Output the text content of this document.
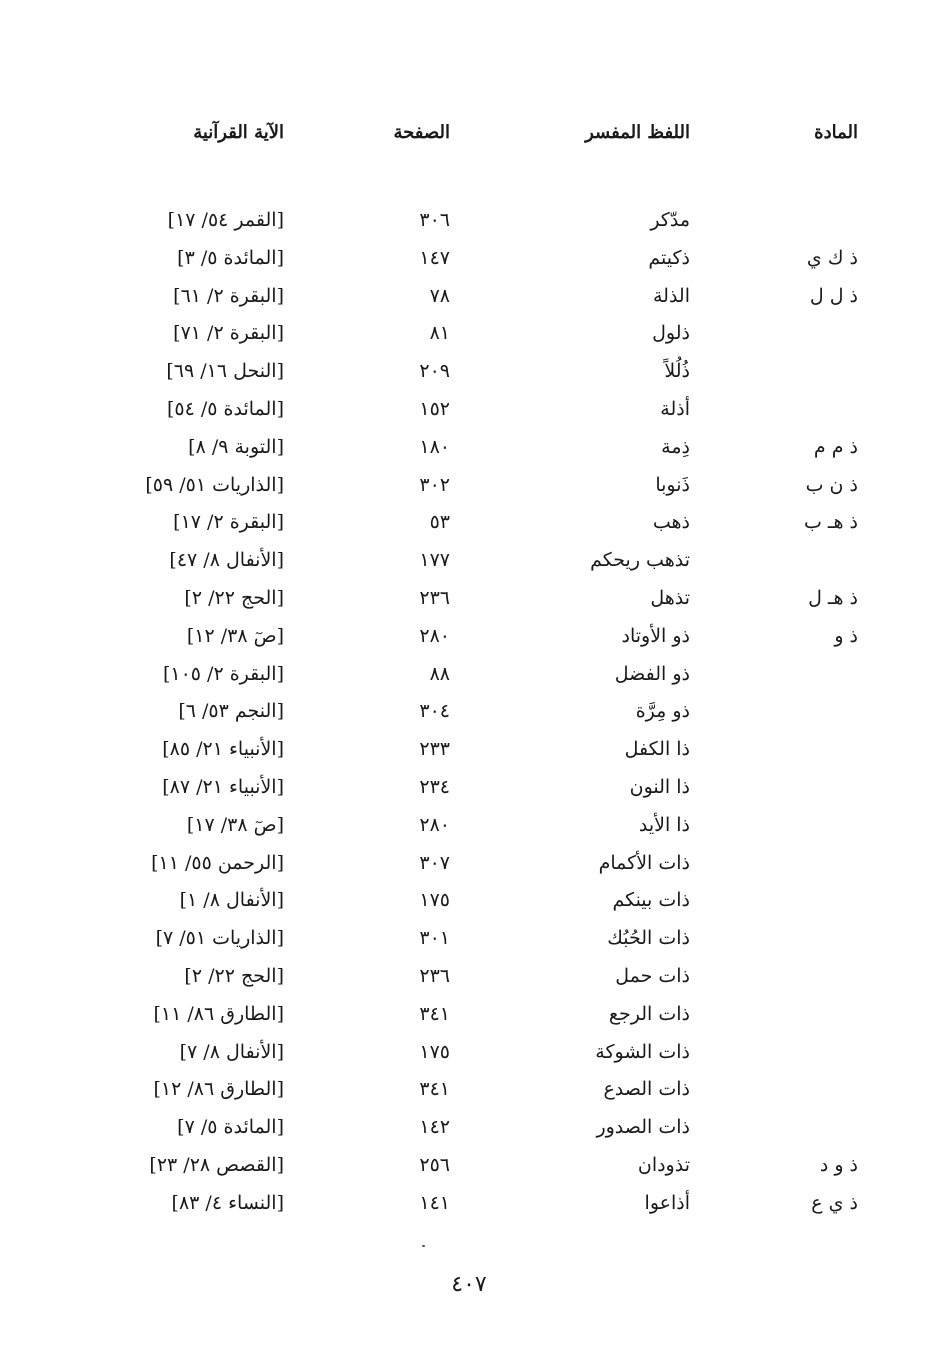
المادة
اللفظ المفسر
الصفحة
الآية القرآنية
مدّكر
٣٠٦
[القمر ٥٤/ ١٧]
ذ ك ي
ذكيتم
١٤٧
[المائدة ٥/ ٣]
ذ ل ل
الذلة
٧٨
[البقرة ٢/ ٦١]
ذلول
٨١
[البقرة ٢/ ٧١]
ذُلُلاً
٢٠٩
[النحل ١٦/ ٦٩]
أذلة
١٥٢
[المائدة ٥/ ٥٤]
ذ م م
ذِمة
١٨٠
[التوبة ٩/ ٨]
ذ ن ب
ذَنوبا
٣٠٢
[الذاريات ٥١/ ٥٩]
ذ هـ ب
ذهب
٥٣
[البقرة ٢/ ١٧]
تذهب ريحكم
١٧٧
[الأنفال ٨/ ٤٧]
ذ هـ ل
تذهل
٢٣٦
[الحج ٢٢/ ٢]
ذ و
ذو الأوتاد
٢٨٠
[صٓ ٣٨/ ١٢]
ذو الفضل
٨٨
[البقرة ٢/ ١٠٥]
ذو مِرَّة
٣٠٤
[النجم ٥٣/ ٦]
ذا الكفل
٢٣٣
[الأنبياء ٢١/ ٨٥]
ذا النون
٢٣٤
[الأنبياء ٢١/ ٨٧]
ذا الأيد
٢٨٠
[صٓ ٣٨/ ١٧]
ذات الأكمام
٣٠٧
[الرحمن ٥٥/ ١١]
ذات بينكم
١٧٥
[الأنفال ٨/ ١]
ذات الحُبُك
٣٠١
[الذاريات ٥١/ ٧]
ذات حمل
٢٣٦
[الحج ٢٢/ ٢]
ذات الرجع
٣٤١
[الطارق ٨٦/ ١١]
ذات الشوكة
١٧٥
[الأنفال ٨/ ٧]
ذات الصدع
٣٤١
[الطارق ٨٦/ ١٢]
ذات الصدور
١٤٢
[المائدة ٥/ ٧]
ذ و د
تذودان
٢٥٦
[القصص ٢٨/ ٢٣]
ذ ي ع
أذاعوا
١٤١
[النساء ٤/ ٨٣]
٤٠٧
